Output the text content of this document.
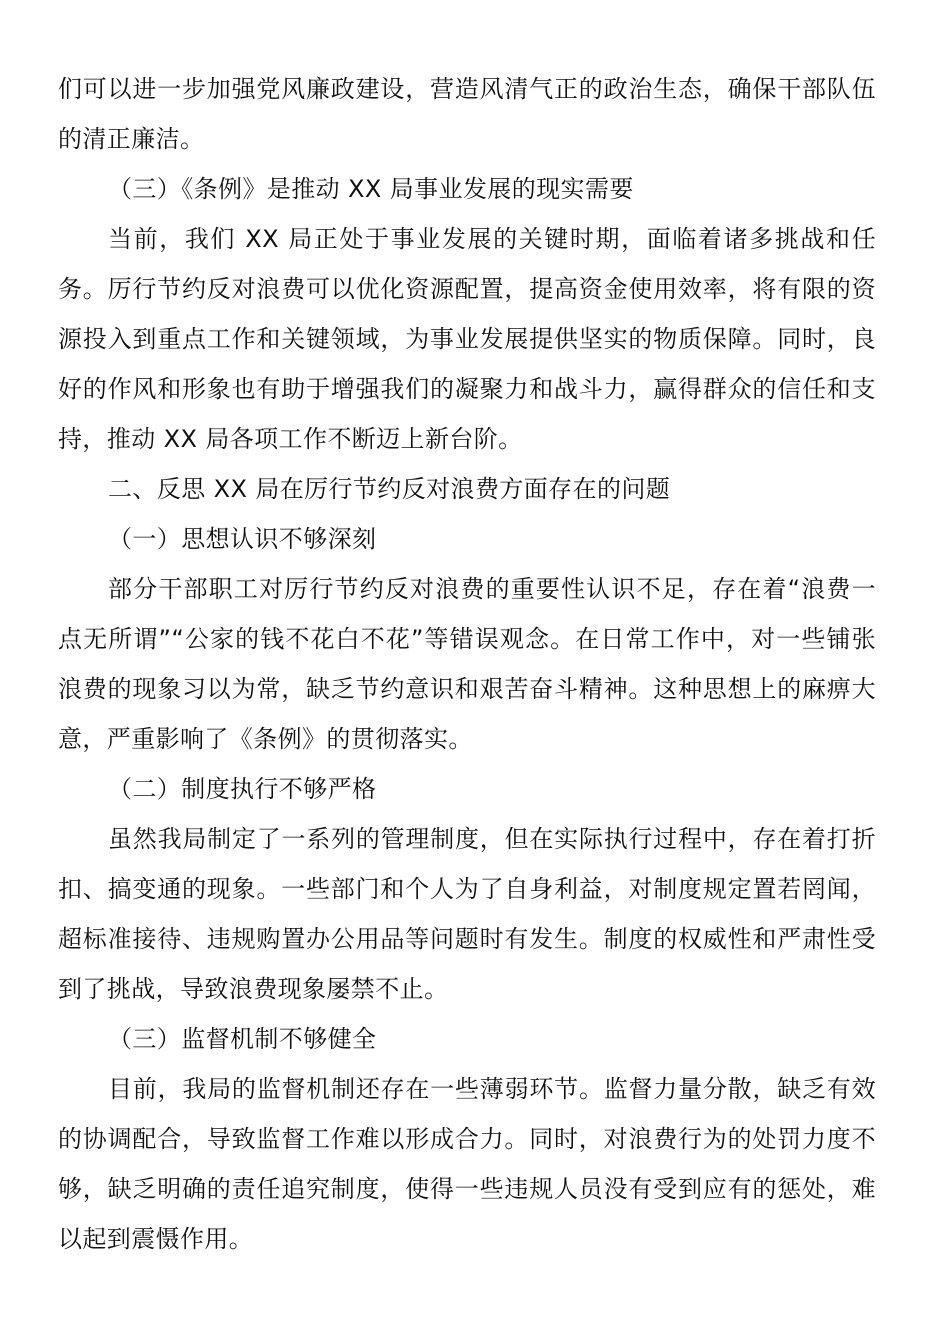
们可以进一步加强党风廉政建设，营造风清气正的政治生态，确保干部队伍的清正廉洁。

（三）《条例》是推动 XX 局事业发展的现实需要

当前，我们 XX 局正处于事业发展的关键时期，面临着诸多挑战和任务。厉行节约反对浪费可以优化资源配置，提高资金使用效率，将有限的资源投入到重点工作和关键领域，为事业发展提供坚实的物质保障。同时，良好的作风和形象也有助于增强我们的凝聚力和战斗力，赢得群众的信任和支持，推动 XX 局各项工作不断迈上新台阶。

二、反思 XX 局在厉行节约反对浪费方面存在的问题

（一）思想认识不够深刻

部分干部职工对厉行节约反对浪费的重要性认识不足，存在着“浪费一点无所谓”“公家的钱不花白不花”等错误观念。在日常工作中，对一些铺张浪费的现象习以为常，缺乏节约意识和艰苦奋斗精神。这种思想上的麻痹大意，严重影响了《条例》的贯彻落实。

（二）制度执行不够严格

虽然我局制定了一系列的管理制度，但在实际执行过程中，存在着打折扣、搞变通的现象。一些部门和个人为了自身利益，对制度规定置若罔闻，超标准接待、违规购置办公用品等问题时有发生。制度的权威性和严肃性受到了挑战，导致浪费现象屡禁不止。

（三）监督机制不够健全

目前，我局的监督机制还存在一些薄弱环节。监督力量分散，缺乏有效的协调配合，导致监督工作难以形成合力。同时，对浪费行为的处罚力度不够，缺乏明确的责任追究制度，使得一些违规人员没有受到应有的惩处，难以起到震慑作用。
